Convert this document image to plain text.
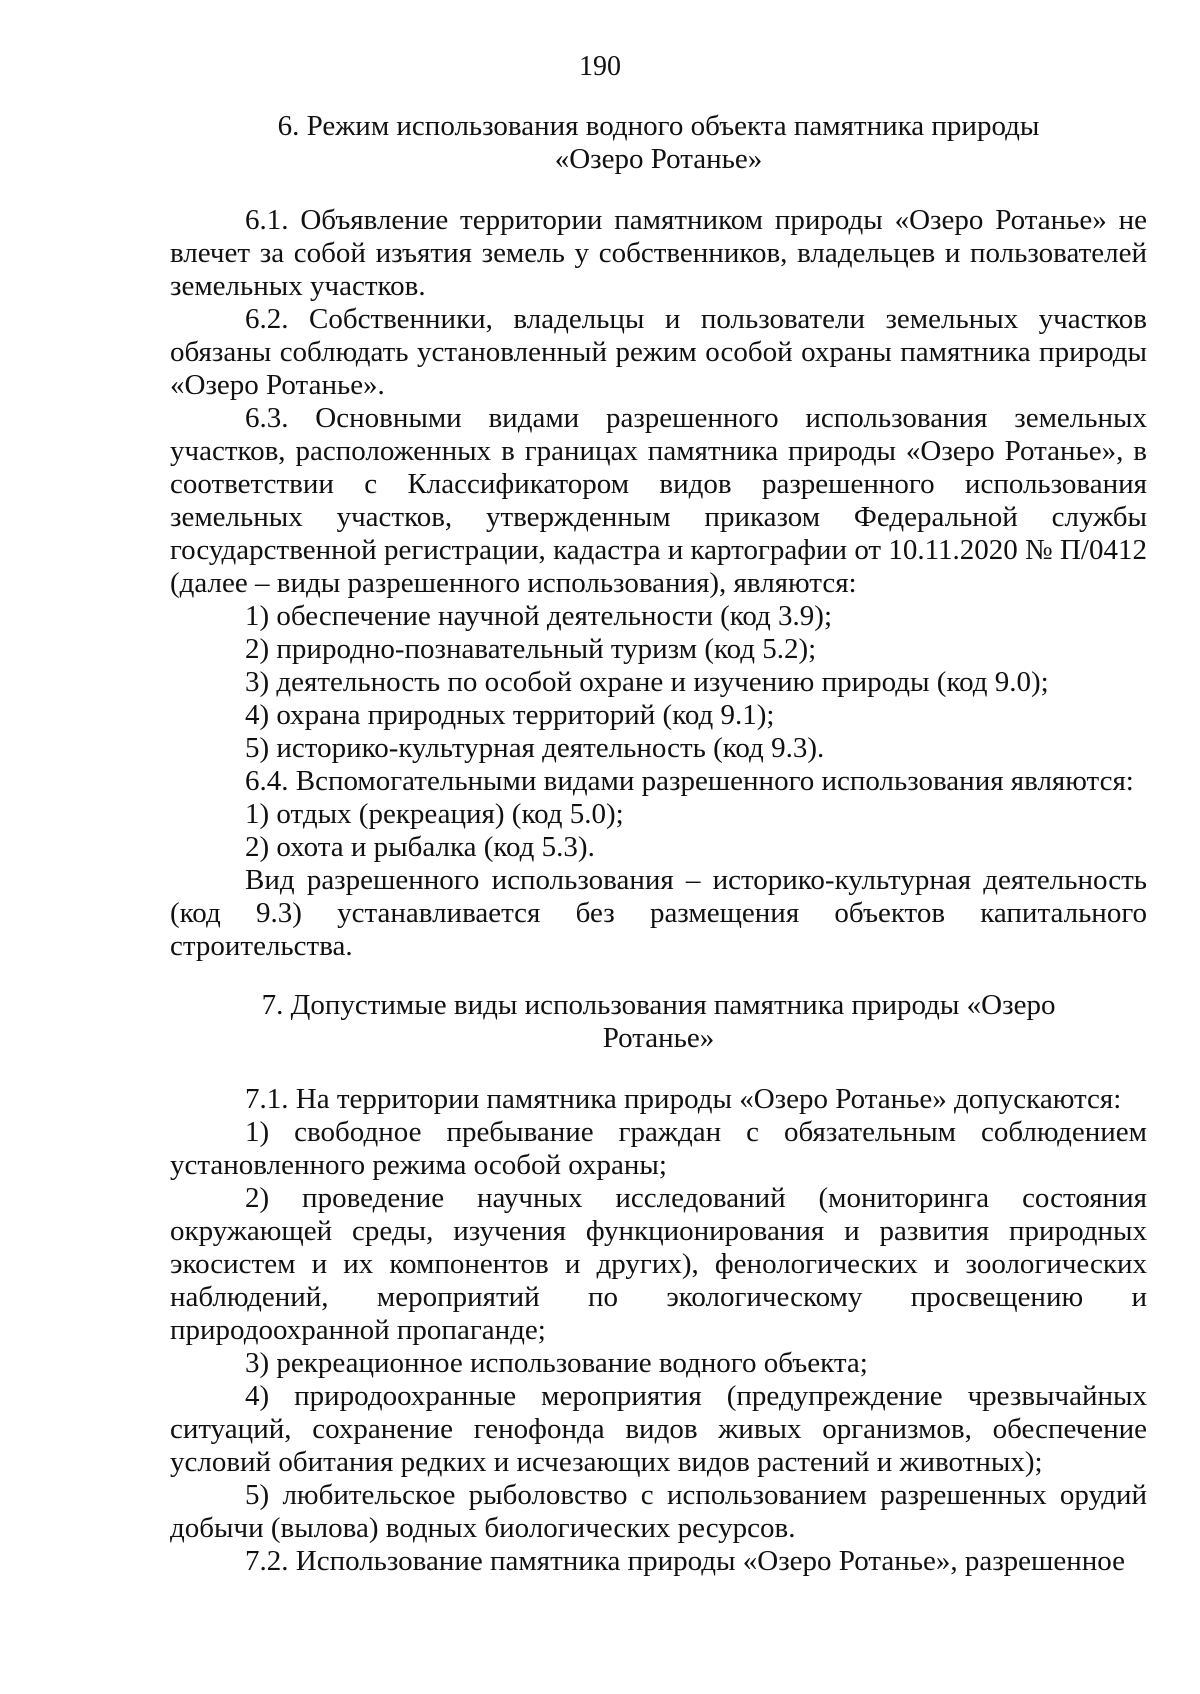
190
6. Режим использования водного объекта памятника природы
«Озеро Ротанье»

6.1. Объявление территории памятником природы «Озеро Ротанье» не влечет за собой изъятия земель у собственников, владельцев и пользователей земельных участков.

6.2. Собственники, владельцы и пользователи земельных участков обязаны соблюдать установленный режим особой охраны памятника природы «Озеро Ротанье».

6.3. Основными видами разрешенного использования земельных участков, расположенных в границах памятника природы «Озеро Ротанье», в соответствии с Классификатором видов разрешенного использования земельных участков, утвержденным приказом Федеральной службы государственной регистрации, кадастра и картографии от 10.11.2020 № П/0412 (далее – виды разрешенного использования), являются:

1) обеспечение научной деятельности (код 3.9);

2) природно-познавательный туризм (код 5.2);

3) деятельность по особой охране и изучению природы (код 9.0);

4) охрана природных территорий (код 9.1);

5) историко-культурная деятельность (код 9.3).

6.4. Вспомогательными видами разрешенного использования являются:

1) отдых (рекреация) (код 5.0);

2) охота и рыбалка (код 5.3).

Вид разрешенного использования – историко-культурная деятельность (код 9.3) устанавливается без размещения объектов капитального строительства.

7. Допустимые виды использования памятника природы «Озеро
Ротанье»

7.1. На территории памятника природы «Озеро Ротанье» допускаются:

1) свободное пребывание граждан с обязательным соблюдением установленного режима особой охраны;

2) проведение научных исследований (мониторинга состояния окружающей среды, изучения функционирования и развития природных экосистем и их компонентов и других), фенологических и зоологических наблюдений, мероприятий по экологическому просвещению и природоохранной пропаганде;

3) рекреационное использование водного объекта;

4) природоохранные мероприятия (предупреждение чрезвычайных ситуаций, сохранение генофонда видов живых организмов, обеспечение условий обитания редких и исчезающих видов растений и животных);

5) любительское рыболовство с использованием разрешенных орудий добычи (вылова) водных биологических ресурсов.

7.2. Использование памятника природы «Озеро Ротанье», разрешенное
